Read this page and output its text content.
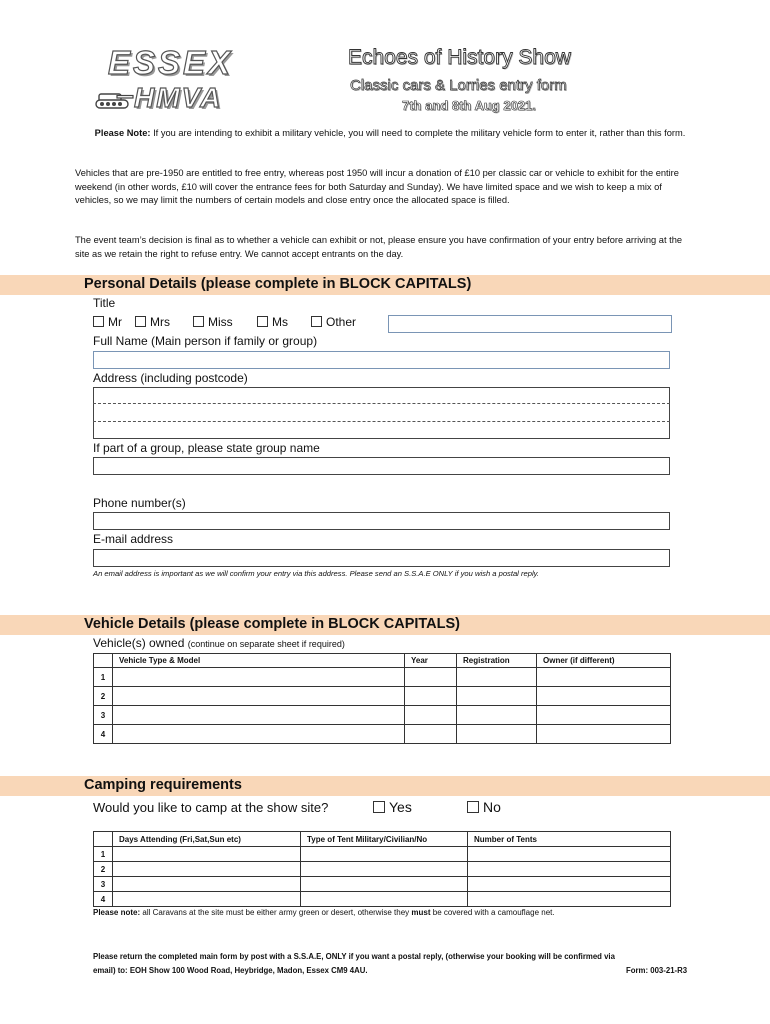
ESSEX
HMVA
Echoes of History Show
Classic cars & Lorries entry form
7th and 8th Aug 2021.
Please Note: If you are intending to exhibit a military vehicle, you will need to complete the military vehicle form to enter it, rather than this form.
Vehicles that are pre-1950 are entitled to free entry, whereas post 1950 will incur a donation of £10 per classic car or vehicle to exhibit for the entire weekend (in other words, £10 will cover the entrance fees for both Saturday and Sunday). We have limited space and we wish to keep a mix of vehicles, so we may limit the numbers of certain models and close entry once the allocated space is filled.
The event team’s decision is final as to whether a vehicle can exhibit or not, please ensure you have confirmation of your entry before arriving at the site as we retain the right to refuse entry. We cannot accept entrants on the day.
Personal Details (please complete in BLOCK CAPITALS)
Title
Mr	Mrs	Miss	Ms	Other
Full Name (Main person if family or group)
Address (including postcode)
If part of a group, please state group name
Phone number(s)
E-mail address
An email address is important as we will confirm your entry via this address. Please send an S.S.A.E ONLY if you wish a postal reply.
Vehicle Details (please complete in BLOCK CAPITALS)
Vehicle(s) owned (continue on separate sheet if required)
	Vehicle Type & Model	Year	Registration	Owner (if different)
1				
2				
3				
4				
Camping requirements
Would you like to camp at the show site?	Yes	No
	Days Attending (Fri,Sat,Sun etc)	Type of Tent Military/Civilian/No	Number of Tents
1			
2			
3			
4			
Please note: all Caravans at the site must be either army green or desert, otherwise they must be covered with a camouflage net.
Please return the completed main form by post with a S.S.A.E, ONLY if you want a postal reply, (otherwise your booking will be confirmed via
email) to: EOH Show 100 Wood Road, Heybridge, Madon, Essex CM9 4AU.	Form: 003-21-R3
